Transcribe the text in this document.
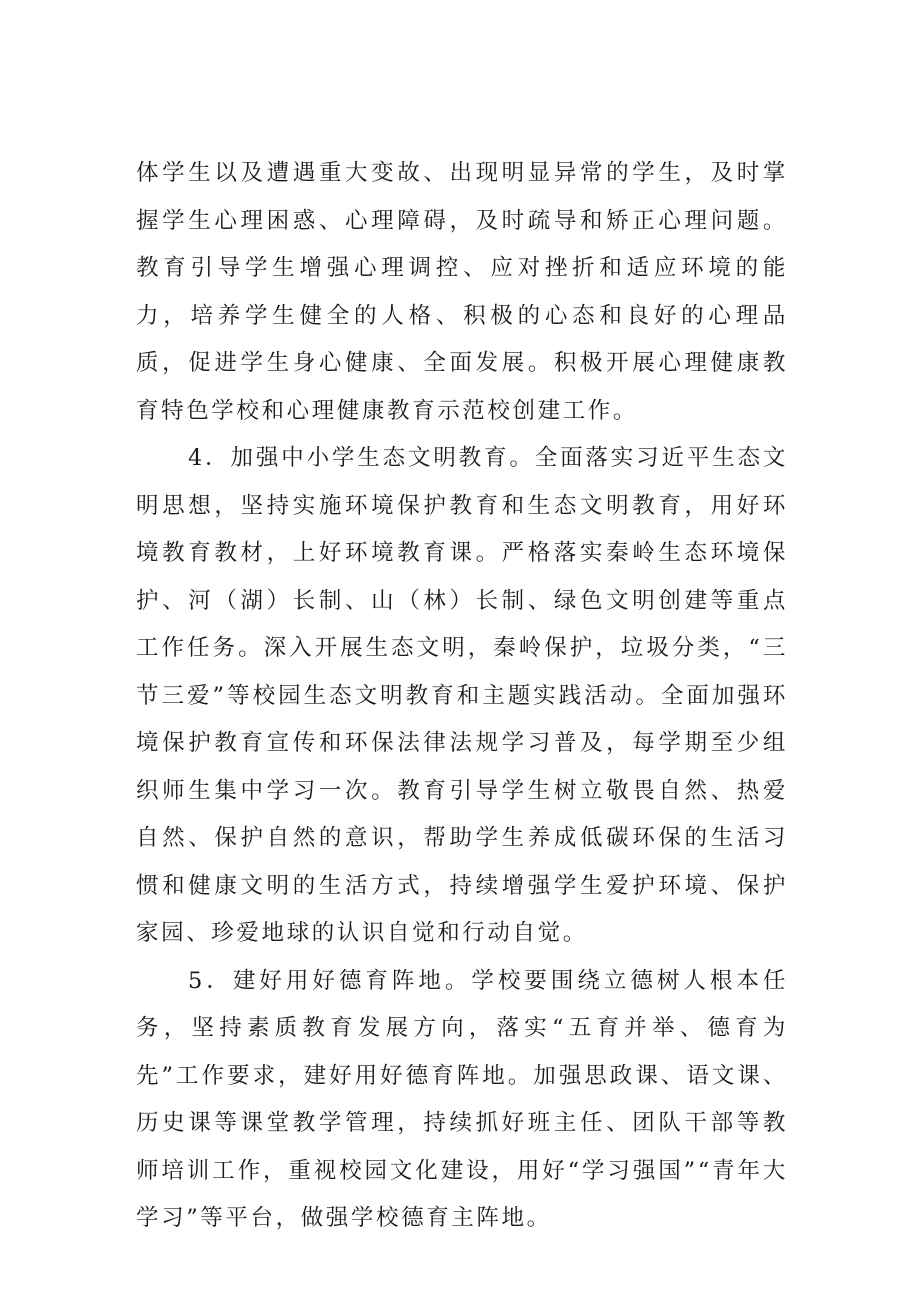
体学生以及遭遇重大变故、出现明显异常的学生，及时掌握学生心理困惑、心理障碍，及时疏导和矫正心理问题。教育引导学生增强心理调控、应对挫折和适应环境的能力，培养学生健全的人格、积极的心态和良好的心理品质，促进学生身心健康、全面发展。积极开展心理健康教育特色学校和心理健康教育示范校创建工作。

4．加强中小学生态文明教育。全面落实习近平生态文明思想，坚持实施环境保护教育和生态文明教育，用好环境教育教材，上好环境教育课。严格落实秦岭生态环境保护、河（湖）长制、山（林）长制、绿色文明创建等重点工作任务。深入开展生态文明，秦岭保护，垃圾分类，“三节三爱”等校园生态文明教育和主题实践活动。全面加强环境保护教育宣传和环保法律法规学习普及，每学期至少组织师生集中学习一次。教育引导学生树立敬畏自然、热爱自然、保护自然的意识，帮助学生养成低碳环保的生活习惯和健康文明的生活方式，持续增强学生爱护环境、保护家园、珍爱地球的认识自觉和行动自觉。

5．建好用好德育阵地。学校要围绕立德树人根本任务，坚持素质教育发展方向，落实“五育并举、德育为先”工作要求，建好用好德育阵地。加强思政课、语文课、历史课等课堂教学管理，持续抓好班主任、团队干部等教师培训工作，重视校园文化建设，用好“学习强国”“青年大学习”等平台，做强学校德育主阵地。
